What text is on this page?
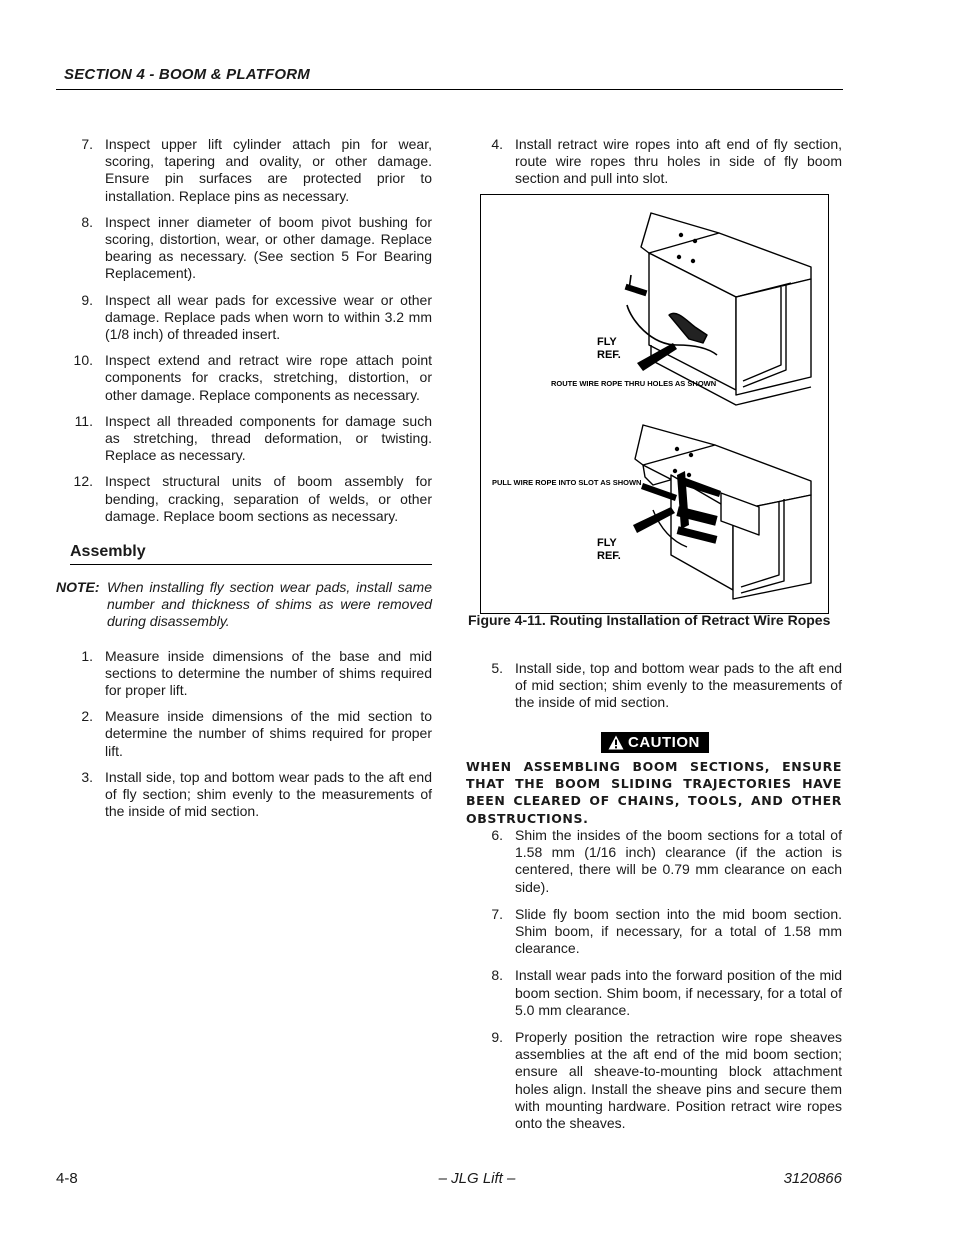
SECTION 4 - BOOM & PLATFORM
7. Inspect upper lift cylinder attach pin for wear, scoring, tapering and ovality, or other damage. Ensure pin surfaces are protected prior to installation. Replace pins as necessary.
8. Inspect inner diameter of boom pivot bushing for scoring, distortion, wear, or other damage. Replace bearing as necessary. (See section 5 For Bearing Replacement).
9. Inspect all wear pads for excessive wear or other damage. Replace pads when worn to within 3.2 mm (1/8 inch) of threaded insert.
10. Inspect extend and retract wire rope attach point components for cracks, stretching, distortion, or other damage. Replace components as necessary.
11. Inspect all threaded components for damage such as stretching, thread deformation, or twisting. Replace as necessary.
12. Inspect structural units of boom assembly for bending, cracking, separation of welds, or other damage. Replace boom sections as necessary.
Assembly
NOTE: When installing fly section wear pads, install same number and thickness of shims as were removed during disassembly.
1. Measure inside dimensions of the base and mid sections to determine the number of shims required for proper lift.
2. Measure inside dimensions of the mid section to determine the number of shims required for proper lift.
3. Install side, top and bottom wear pads to the aft end of fly section; shim evenly to the measurements of the inside of mid section.
4. Install retract wire ropes into aft end of fly section, route wire ropes thru holes in side of fly boom section and pull into slot.
FLY
REF.
ROUTE WIRE ROPE THRU HOLES AS SHOWN
PULL WIRE ROPE INTO SLOT AS SHOWN
FLY
REF.
Figure 4-11. Routing Installation of Retract Wire Ropes
5. Install side, top and bottom wear pads to the aft end of mid section; shim evenly to the measurements of the inside of mid section.
CAUTION
WHEN ASSEMBLING BOOM SECTIONS, ENSURE THAT THE BOOM SLIDING TRAJECTORIES HAVE BEEN CLEARED OF CHAINS, TOOLS, AND OTHER OBSTRUCTIONS.
6. Shim the insides of the boom sections for a total of 1.58 mm (1/16 inch) clearance (if the action is centered, there will be 0.79 mm clearance on each side).
7. Slide fly boom section into the mid boom section. Shim boom, if necessary, for a total of 1.58 mm clearance.
8. Install wear pads into the forward position of the mid boom section. Shim boom, if necessary, for a total of 5.0 mm clearance.
9. Properly position the retraction wire rope sheaves assemblies at the aft end of the mid boom section; ensure all sheave-to-mounting block attachment holes align. Install the sheave pins and secure them with mounting hardware. Position retract wire ropes onto the sheaves.
4-8	– JLG Lift –	3120866
